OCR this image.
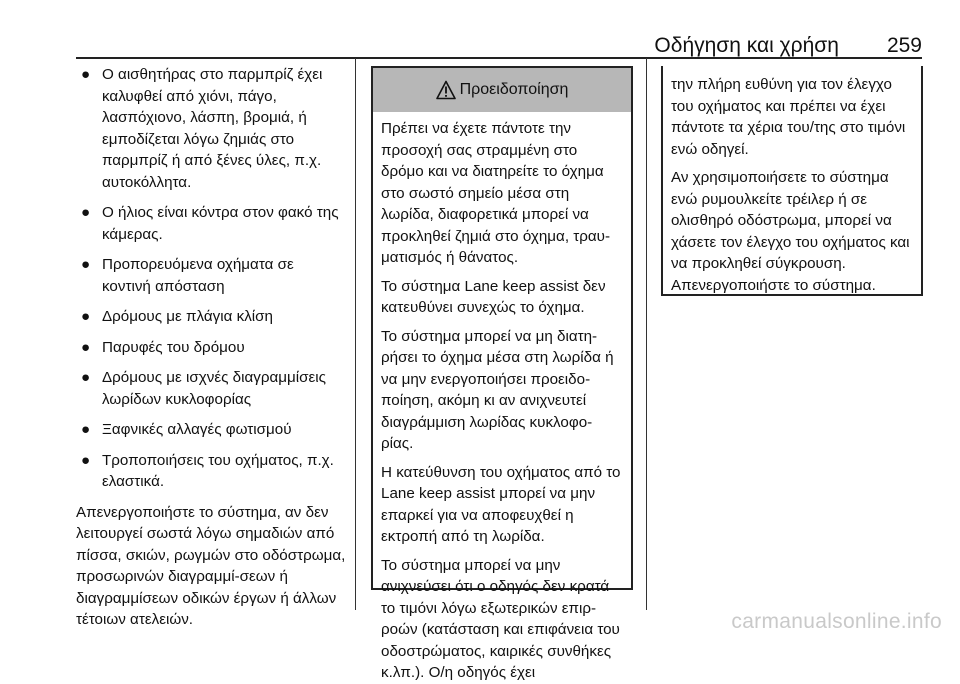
Οδήγηση και χρήση 259
● Ο αισθητήρας στο παρμπρίζ έχει καλυφθεί από χιόνι, πάγο, λασπόχιονο, λάσπη, βρομιά, ή εμποδίζεται λόγω ζημιάς στο παρμπρίζ ή από ξένες ύλες, π.χ. αυτοκόλλητα.
● Ο ήλιος είναι κόντρα στον φακό της κάμερας.
● Προπορευόμενα οχήματα σε κοντινή απόσταση
● Δρόμους με πλάγια κλίση
● Παρυφές του δρόμου
● Δρόμους με ισχνές διαγραμμίσεις λωρίδων κυκλοφορίας
● Ξαφνικές αλλαγές φωτισμού
● Τροποποιήσεις του οχήματος, π.χ. ελαστικά.

Απενεργοποιήστε το σύστημα, αν δεν λειτουργεί σωστά λόγω σημαδιών από πίσσα, σκιών, ρωγμών στο οδόστρωμα, προσωρινών διαγραμμί-σεων ή διαγραμμίσεων οδικών έργων ή άλλων τέτοιων ατελειών.

Προειδοποίηση

Πρέπει να έχετε πάντοτε την προσοχή σας στραμμένη στο δρόμο και να διατηρείτε το όχημα στο σωστό σημείο μέσα στη λωρίδα, διαφορετικά μπορεί να προκληθεί ζημιά στο όχημα, τραυ-ματισμός ή θάνατος.

Το σύστημα Lane keep assist δεν κατευθύνει συνεχώς το όχημα.

Το σύστημα μπορεί να μη διατη-ρήσει το όχημα μέσα στη λωρίδα ή να μην ενεργοποιήσει προειδο-ποίηση, ακόμη κι αν ανιχνευτεί διαγράμμιση λωρίδας κυκλοφο-ρίας.

Η κατεύθυνση του οχήματος από το Lane keep assist μπορεί να μην επαρκεί για να αποφευχθεί η εκτροπή από τη λωρίδα.

Το σύστημα μπορεί να μην ανιχνεύσει ότι ο οδηγός δεν κρατά το τιμόνι λόγω εξωτερικών επιρ-ροών (κατάσταση και επιφάνεια του οδοστρώματος, καιρικές συνθήκες κ.λπ.). Ο/η οδηγός έχει

την πλήρη ευθύνη για τον έλεγχο του οχήματος και πρέπει να έχει πάντοτε τα χέρια του/της στο τιμόνι ενώ οδηγεί.

Αν χρησιμοποιήσετε το σύστημα ενώ ρυμουλκείτε τρέιλερ ή σε ολισθηρό οδόστρωμα, μπορεί να χάσετε τον έλεγχο του οχήματος και να προκληθεί σύγκρουση. Απενεργοποιήστε το σύστημα.

carmanualsonline.info
